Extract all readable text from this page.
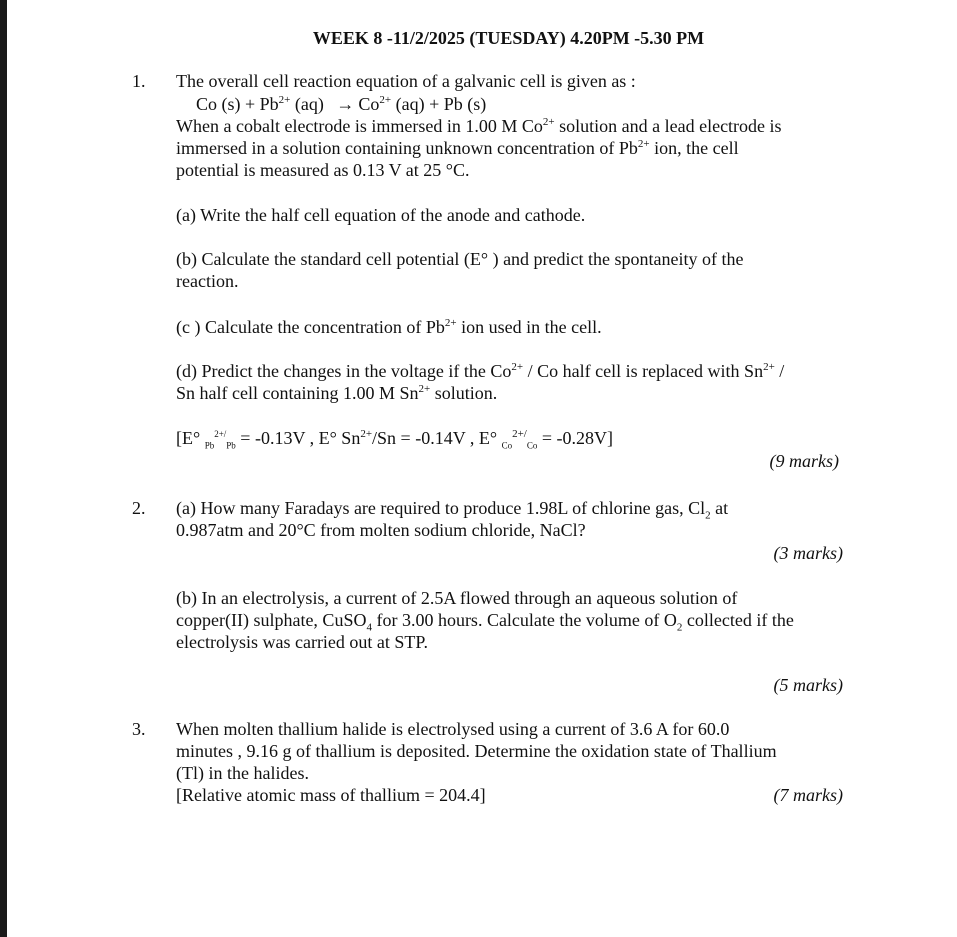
WEEK 8 -11/2/2025 (TUESDAY) 4.20PM -5.30 PM
1. The overall cell reaction equation of a galvanic cell is given as :
Co $(s) + Pb^{2+}$ $(aq) \to Co^{2+}$ (aq) + Pb (s)
When a cobalt electrode is immersed in 1.00 M $Co^{2+}$ solution and a lead electrode is
immersed in a solution containing unknown concentration of $Pb^{2+}$ ion, the cell
potential is measured as 0.13 V at 25 °C.
(a) Write the half cell equation of the anode and cathode.
(b) Calculate the standard cell potential (E° ) and predict the spontaneity of the
reaction.
(c ) Calculate the concentration of $Pb^{2+}$ ion used in the cell.
(d) Predict the changes in the voltage if the $Co^{2+}$ / Co half cell is replaced with $Sn^{2+}$ /
Sn half cell containing 1.00 M $Sn^{2+}$ solution.
[E° $_{Pb}^{2+/}_{Pb}$ = -0.13V , E° $Sn^{2+}/Sn = -0.14V$ , E° $_{Co}^{2+/}_{Co}$ = -0.28V]
(9 marks)
2. (a) How many Faradays are required to produce 1.98L of chlorine gas, $Cl_2$ at
0.987atm and 20°C from molten sodium chloride, NaCl?
(3 marks)
(b) In an electrolysis, a current of 2.5A flowed through an aqueous solution of
copper(II) sulphate, CuSO$_4$ for 3.00 hours. Calculate the volume of $O_2$ collected if the
electrolysis was carried out at STP.
(5 marks)
3. When molten thallium halide is electrolysed using a current of 3.6 A for 60.0
minutes , 9.16 g of thallium is deposited. Determine the oxidation state of Thallium
(Tl) in the halides.
[Relative atomic mass of thallium = 204.4]	(7 marks)
